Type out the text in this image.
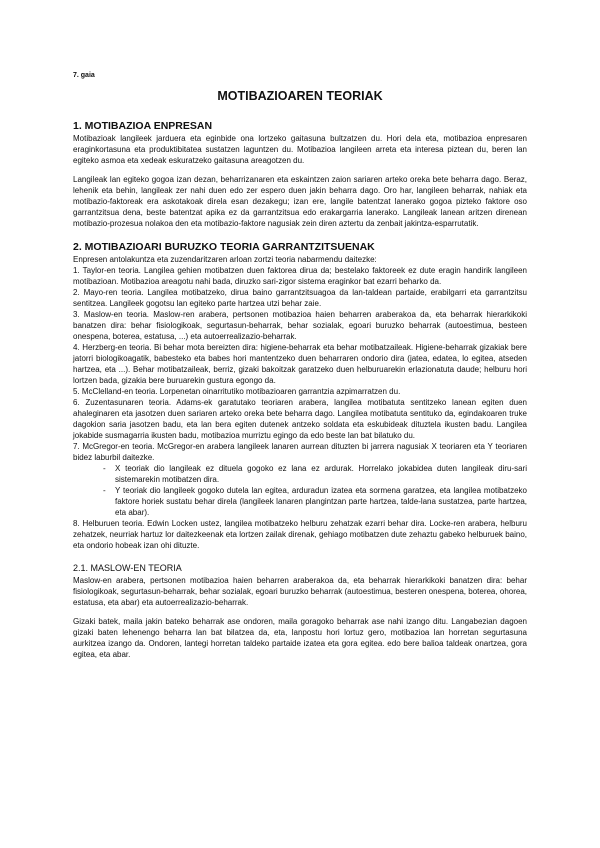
7. gaia
MOTIBAZIOAREN TEORIAK
1. MOTIBAZIOA ENPRESAN

Motibazioak langileek jarduera eta eginbide ona lortzeko gaitasuna bultzatzen du. Hori dela eta, motibazioa enpresaren eraginkortasuna eta produktibitatea sustatzen laguntzen du. Motibazioa langileen arreta eta interesa piztean du, beren lan egiteko asmoa eta xedeak eskuratzeko gaitasuna areagotzen du.

Langileak lan egiteko gogoa izan dezan, beharrizanaren eta eskaintzen zaion sariaren arteko oreka bete beharra dago. Beraz, lehenik eta behin, langileak zer nahi duen edo zer espero duen jakin beharra dago. Oro har, langileen beharrak, nahiak eta motibazio-faktoreak era askotakoak direla esan dezakegu; izan ere, langile batentzat lanerako gogoa pizteko faktore oso garrantzitsua dena, beste batentzat apika ez da garrantzitsua edo erakargarria lanerako. Langileak lanean aritzen direnean motibazio-prozesua nolakoa den eta motibazio-faktore nagusiak zein diren aztertu da zenbait jakintza-esparrutatik.

2. MOTIBAZIOARI BURUZKO TEORIA GARRANTZITSUENAK

Enpresen antolakuntza eta zuzendaritzaren arloan zortzi teoria nabarmendu daitezke:

1. Taylor-en teoria. Langilea gehien motibatzen duen faktorea dirua da; bestelako faktoreek ez dute eragin handirik langileen motibazioan. Motibazioa areagotu nahi bada, diruzko sari-zigor sistema eraginkor bat ezarri beharko da.

2. Mayo-ren teoria. Langilea motibatzeko, dirua baino garrantzitsuagoa da lan-taldean partaide, erabilgarri eta garrantzitsu sentitzea. Langileek gogotsu lan egiteko parte hartzea utzi behar zaie.

3. Maslow-en teoria. Maslow-ren arabera, pertsonen motibazioa haien beharren araberakoa da, eta beharrak hierarkikoki banatzen dira: behar fisiologikoak, segurtasun-beharrak, behar sozialak, egoari buruzko beharrak (autoestimua, besteen onespena, boterea, estatusa, ...) eta autoerrealizazio-beharrak.

4. Herzberg-en teoria. Bi behar mota bereizten dira: higiene-beharrak eta behar motibatzaileak. Higiene-beharrak gizakiak bere jatorri biologikoagatik, babesteko eta babes hori mantentzeko duen beharraren ondorio dira (jatea, edatea, lo egitea, atseden hartzea, eta ...). Behar motibatzaileak, berriz, gizaki bakoitzak garatzeko duen helburuarekin erlazionatuta daude; helburu hori lortzen bada, gizakia bere buruarekin gustura egongo da.

5. McClelland-en teoria. Lorpenetan oinarritutiko motibazioaren garrantzia azpimarratzen du.

6. Zuzentasunaren teoria. Adams-ek garatutako teoriaren arabera, langilea motibatuta sentitzeko lanean egiten duen ahaleginaren eta jasotzen duen sariaren arteko oreka bete beharra dago. Langilea motibatuta sentituko da, egindakoaren truke dagokion saria jasotzen badu, eta lan bera egiten dutenek antzeko soldata eta eskubideak dituztela ikusten badu. Langilea jokabide susmagarria ikusten badu, motibazioa murriztu egingo da edo beste lan bat bilatuko du.

7. McGregor-en teoria. McGregor-en arabera langileek lanaren aurrean dituzten bi jarrera nagusiak X teoriaren eta Y teoriaren bidez laburbil daitezke.

- X teoriak dio langileak ez dituela gogoko ez lana ez ardurak. Horrelako jokabidea duten langileak diru-sari sistemarekin motibatzen dira.
- Y teoriak dio langileek gogoko dutela lan egitea, arduradun izatea eta sormena garatzea, eta langilea motibatzeko faktore horiek sustatu behar direla (langileek lanaren plangintzan parte hartzea, talde-lana sustatzea, parte hartzea, eta abar).

8. Helburuen teoria. Edwin Locken ustez, langilea motibatzeko helburu zehatzak ezarri behar dira. Locke-ren arabera, helburu zehatzek, neurriak hartuz lor daitezkeenak eta lortzen zailak direnak, gehiago motibatzen dute zehaztu gabeko helburuek baino, eta ondorio hobeak izan ohi dituzte.

2.1. MASLOW-EN TEORIA

Maslow-en arabera, pertsonen motibazioa haien beharren araberakoa da, eta beharrak hierarkikoki banatzen dira: behar fisiologikoak, segurtasun-beharrak, behar sozialak, egoari buruzko beharrak (autoestimua, besteren onespena, boterea, ohorea, estatusa, eta abar) eta autoerrealizazio-beharrak.

Gizaki batek, maila jakin bateko beharrak ase ondoren, maila goragoko beharrak ase nahi izango ditu. Langabezian dagoen gizaki baten lehenengo beharra lan bat bilatzea da, eta, lanpostu hori lortuz gero, motibazioa lan horretan segurtasuna aurkitzea izango da. Ondoren, lantegi horretan taldeko partaide izatea eta gora egitea. edo bere balioa taldeak onartzea, gora egitea, eta abar.
